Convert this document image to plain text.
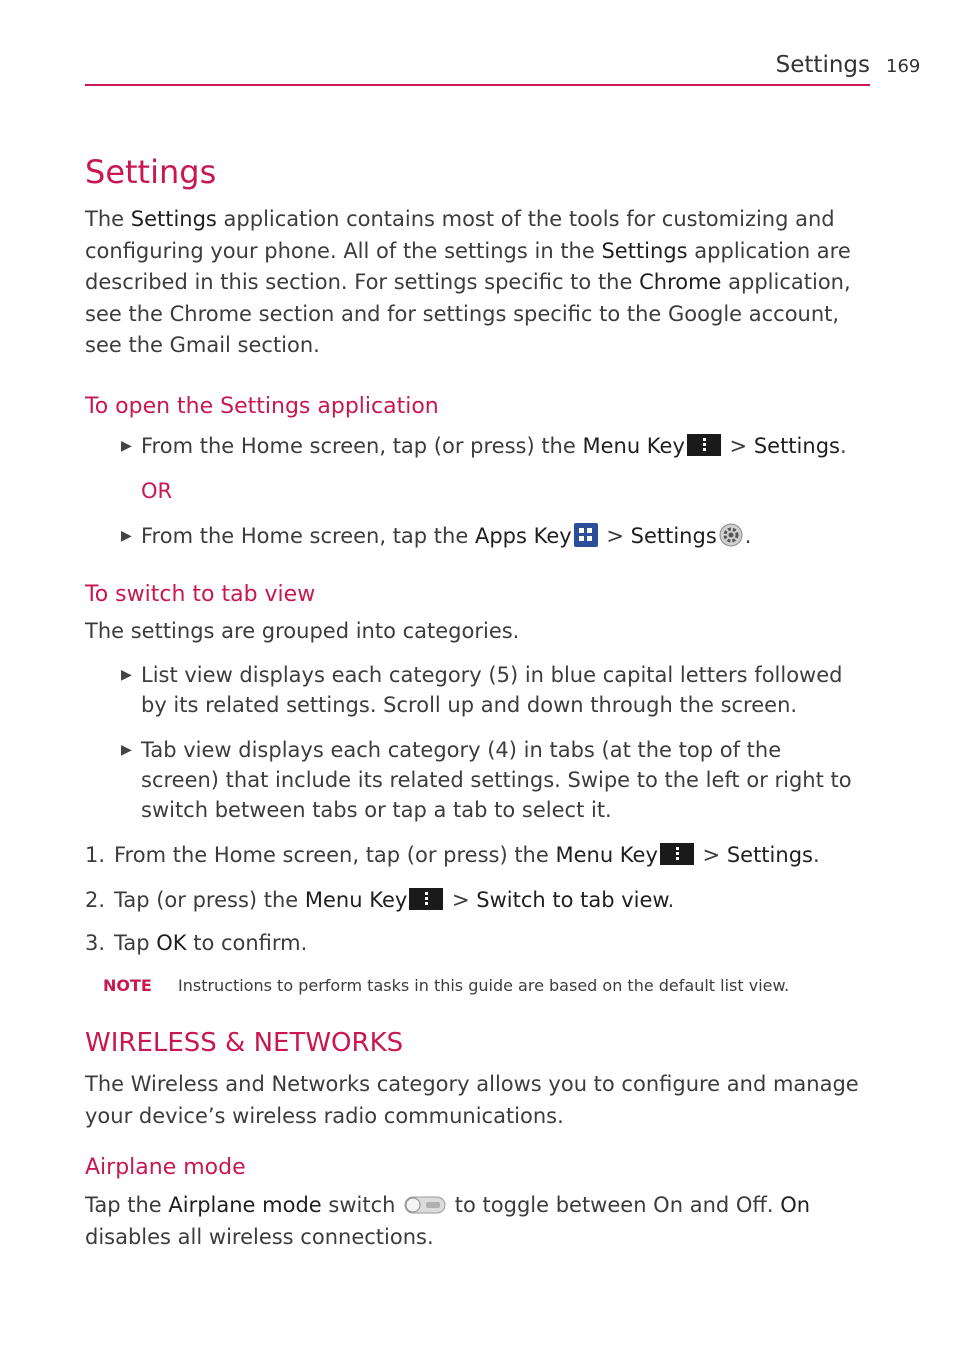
Settings 169
Settings

The Settings application contains most of the tools for customizing and configuring your phone. All of the settings in the Settings application are described in this section. For settings specific to the Chrome application, see the Chrome section and for settings specific to the Google account, see the Gmail section.

To open the Settings application
▶ From the Home screen, tap (or press) the Menu Key > Settings.
OR
▶ From the Home screen, tap the Apps Key > Settings .
To switch to tab view

The settings are grouped into categories.

▶ List view displays each category (5) in blue capital letters followed by its related settings. Scroll up and down through the screen.
▶ Tab view displays each category (4) in tabs (at the top of the screen) that include its related settings. Swipe to the left or right to switch between tabs or tap a tab to select it.
1. From the Home screen, tap (or press) the Menu Key > Settings.
2. Tap (or press) the Menu Key > Switch to tab view.
3. Tap OK to confirm.
NOTE Instructions to perform tasks in this guide are based on the default list view.
WIRELESS & NETWORKS

The Wireless and Networks category allows you to configure and manage your device’s wireless radio communications.

Airplane mode

Tap the Airplane mode switch  to toggle between On and Off. On disables all wireless connections.
